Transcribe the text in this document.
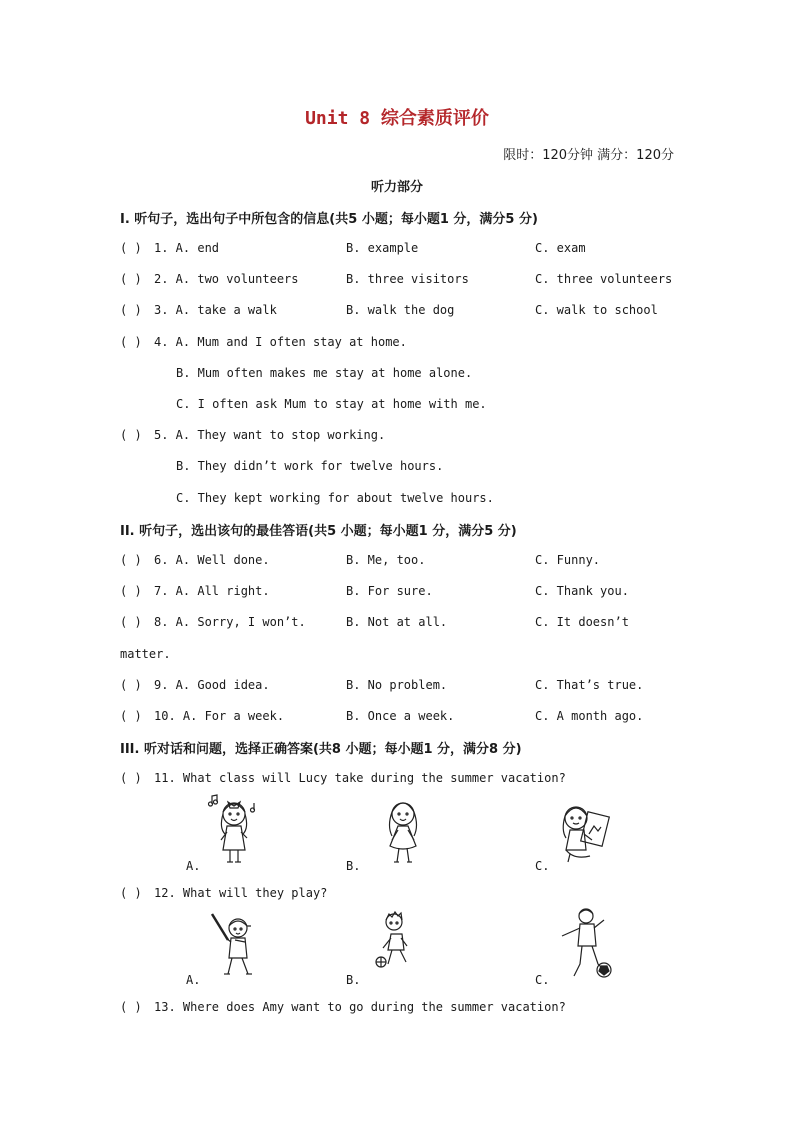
Unit 8 综合素质评价
限时：120分钟 满分：120分
听力部分
I. 听句子，选出句子中所包含的信息(共5 小题；每小题1 分，满分5 分)
( ) 1. A. end	B. example	C. exam
( ) 2. A. two volunteers	B. three visitors	C. three volunteers
( ) 3. A. take a walk	B. walk the dog	C. walk to school
( ) 4. A. Mum and I often stay at home.
B. Mum often makes me stay at home alone.
C. I often ask Mum to stay at home with me.
( ) 5. A. They want to stop working.
B. They didn’t work for twelve hours.
C. They kept working for about twelve hours.
II. 听句子，选出该句的最佳答语(共5 小题；每小题1 分，满分5 分)
( ) 6. A. Well done.	B. Me, too.	C. Funny.
( ) 7. A. All right.	B. For sure.	C. Thank you.
( ) 8. A. Sorry, I won’t.	B. Not at all.	C. It doesn’t
matter.
( ) 9. A. Good idea.	B. No problem.	C. That’s true.
( ) 10. A. For a week.	B. Once a week.	C. A month ago.
III. 听对话和问题，选择正确答案(共8 小题；每小题1 分，满分8 分)
( ) 11. What class will Lucy take during the summer vacation?
A.	B.	C.
( ) 12. What will they play?
A.	B.	C.
( ) 13. Where does Amy want to go during the summer vacation?
